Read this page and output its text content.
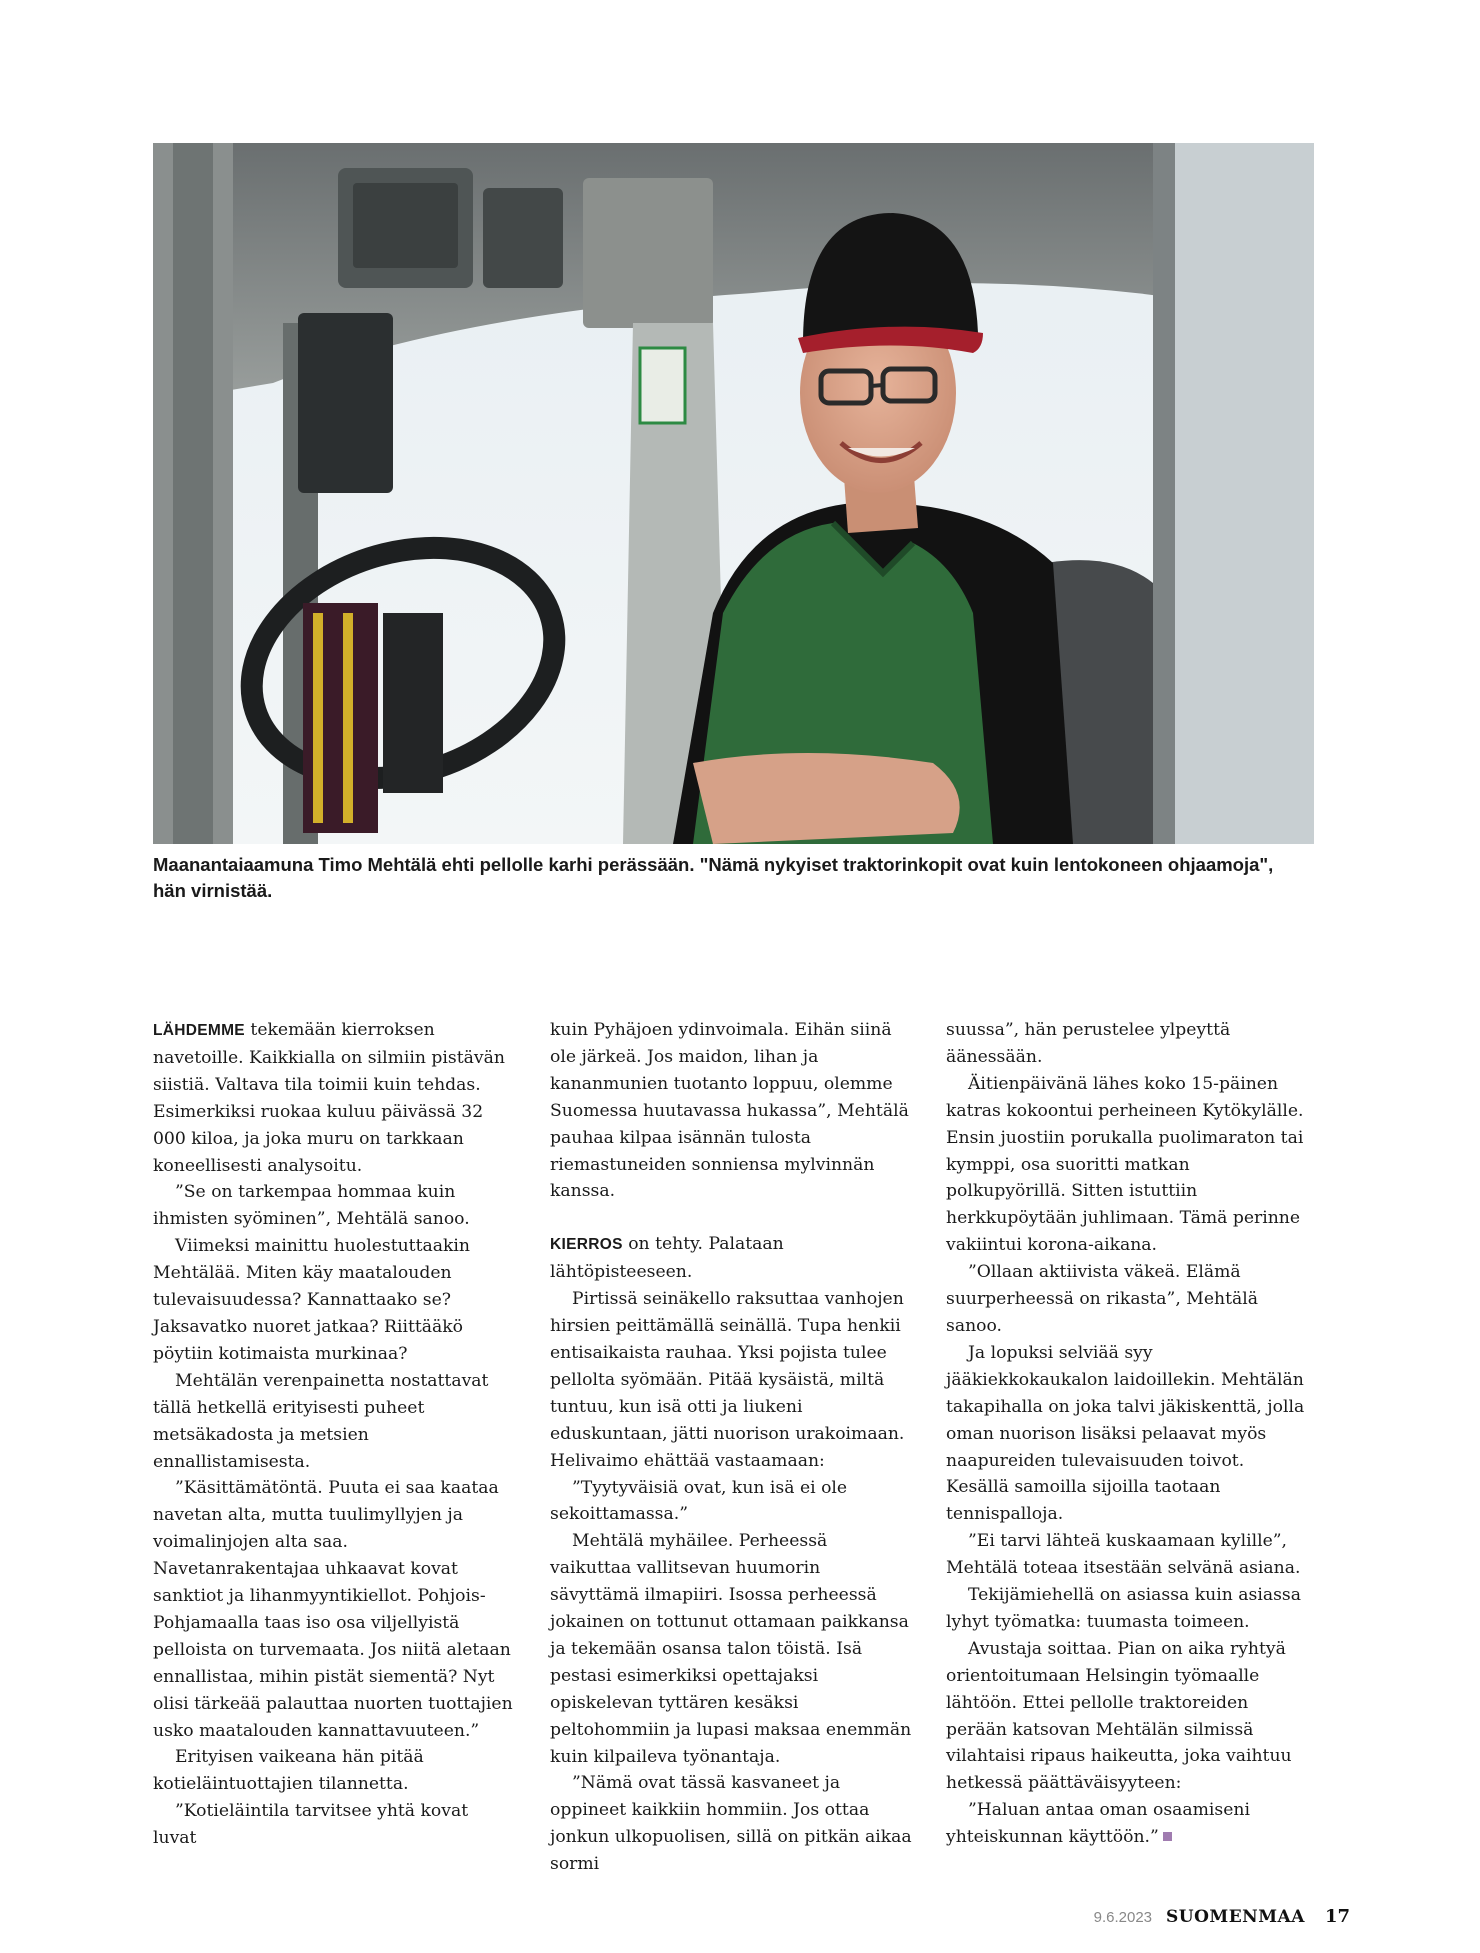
Maanantaiaamuna Timo Mehtälä ehti pellolle karhi perässään. "Nämä nykyiset traktorinkopit ovat kuin lentokoneen ohjaamoja",
hän virnistää.

LÄHDEMME tekemään kierroksen navetoille. Kaikkialla on silmiin pistävän siistiä. Valtava tila toimii kuin tehdas. Esimerkiksi ruokaa kuluu päivässä 32 000 kiloa, ja joka muru on tarkkaan koneellisesti analysoitu.

”Se on tarkempaa hommaa kuin ihmisten syöminen”, Mehtälä sanoo.

Viimeksi mainittu huolestuttaakin Mehtälää. Miten käy maatalouden tulevaisuudessa? Kannattaako se? Jaksavatko nuoret jatkaa? Riittääkö pöytiin kotimaista murkinaa?

Mehtälän verenpainetta nostattavat tällä hetkellä erityisesti puheet metsäkadosta ja metsien ennallistamisesta.

”Käsittämätöntä. Puuta ei saa kaataa navetan alta, mutta tuulimyllyjen ja voimalinjojen alta saa. Navetanrakentajaa uhkaavat kovat sanktiot ja lihanmyyntikiellot. Pohjois-Pohjamaalla taas iso osa viljellyistä pelloista on turvemaata. Jos niitä aletaan ennallistaa, mihin pistät siementä? Nyt olisi tärkeää palauttaa nuorten tuottajien usko maatalouden kannattavuuteen.”

Erityisen vaikeana hän pitää kotieläintuottajien tilannetta.

”Kotieläintila tarvitsee yhtä kovat luvat

kuin Pyhäjoen ydinvoimala. Eihän siinä ole järkeä. Jos maidon, lihan ja kananmunien tuotanto loppuu, olemme Suomessa huutavassa hukassa”, Mehtälä pauhaa kilpaa isännän tulosta riemastuneiden sonniensa mylvinnän kanssa.

KIERROS on tehty. Palataan lähtöpisteeseen.

Pirtissä seinäkello raksuttaa vanhojen hirsien peittämällä seinällä. Tupa henkii entisaikaista rauhaa. Yksi pojista tulee pellolta syömään. Pitää kysäistä, miltä tuntuu, kun isä otti ja liukeni eduskuntaan, jätti nuorison urakoimaan. Helivaimo ehättää vastaamaan:

”Tyytyväisiä ovat, kun isä ei ole sekoittamassa.”

Mehtälä myhäilee. Perheessä vaikuttaa vallitsevan huumorin sävyttämä ilmapiiri. Isossa perheessä jokainen on tottunut ottamaan paikkansa ja tekemään osansa talon töistä. Isä pestasi esimerkiksi opettajaksi opiskelevan tyttären kesäksi peltohommiin ja lupasi maksaa enemmän kuin kilpaileva työnantaja.

”Nämä ovat tässä kasvaneet ja oppineet kaikkiin hommiin. Jos ottaa jonkun ulkopuolisen, sillä on pitkän aikaa sormi

suussa”, hän perustelee ylpeyttä äänessään.

Äitienpäivänä lähes koko 15-päinen katras kokoontui perheineen Kytökylälle. Ensin juostiin porukalla puolimaraton tai kymppi, osa suoritti matkan polkupyörillä. Sitten istuttiin herkkupöytään juhlimaan. Tämä perinne vakiintui korona-aikana.

”Ollaan aktiivista väkeä. Elämä suurperheessä on rikasta”, Mehtälä sanoo.

Ja lopuksi selviää syy jääkiekkokaukalon laidoillekin. Mehtälän takapihalla on joka talvi jäkiskenttä, jolla oman nuorison lisäksi pelaavat myös naapureiden tulevaisuuden toivot. Kesällä samoilla sijoilla taotaan tennispalloja.

”Ei tarvi lähteä kuskaamaan kylille”, Mehtälä toteaa itsestään selvänä asiana.

Tekijämiehellä on asiassa kuin asiassa lyhyt työmatka: tuumasta toimeen.

Avustaja soittaa. Pian on aika ryhtyä orientoitumaan Helsingin työmaalle lähtöön. Ettei pellolle traktoreiden perään katsovan Mehtälän silmissä vilahtaisi ripaus haikeutta, joka vaihtuu hetkessä päättäväisyyteen:

”Haluan antaa oman osaamiseni yhteiskunnan käyttöön.”

9.6.2023 SUOMENMAA 17
